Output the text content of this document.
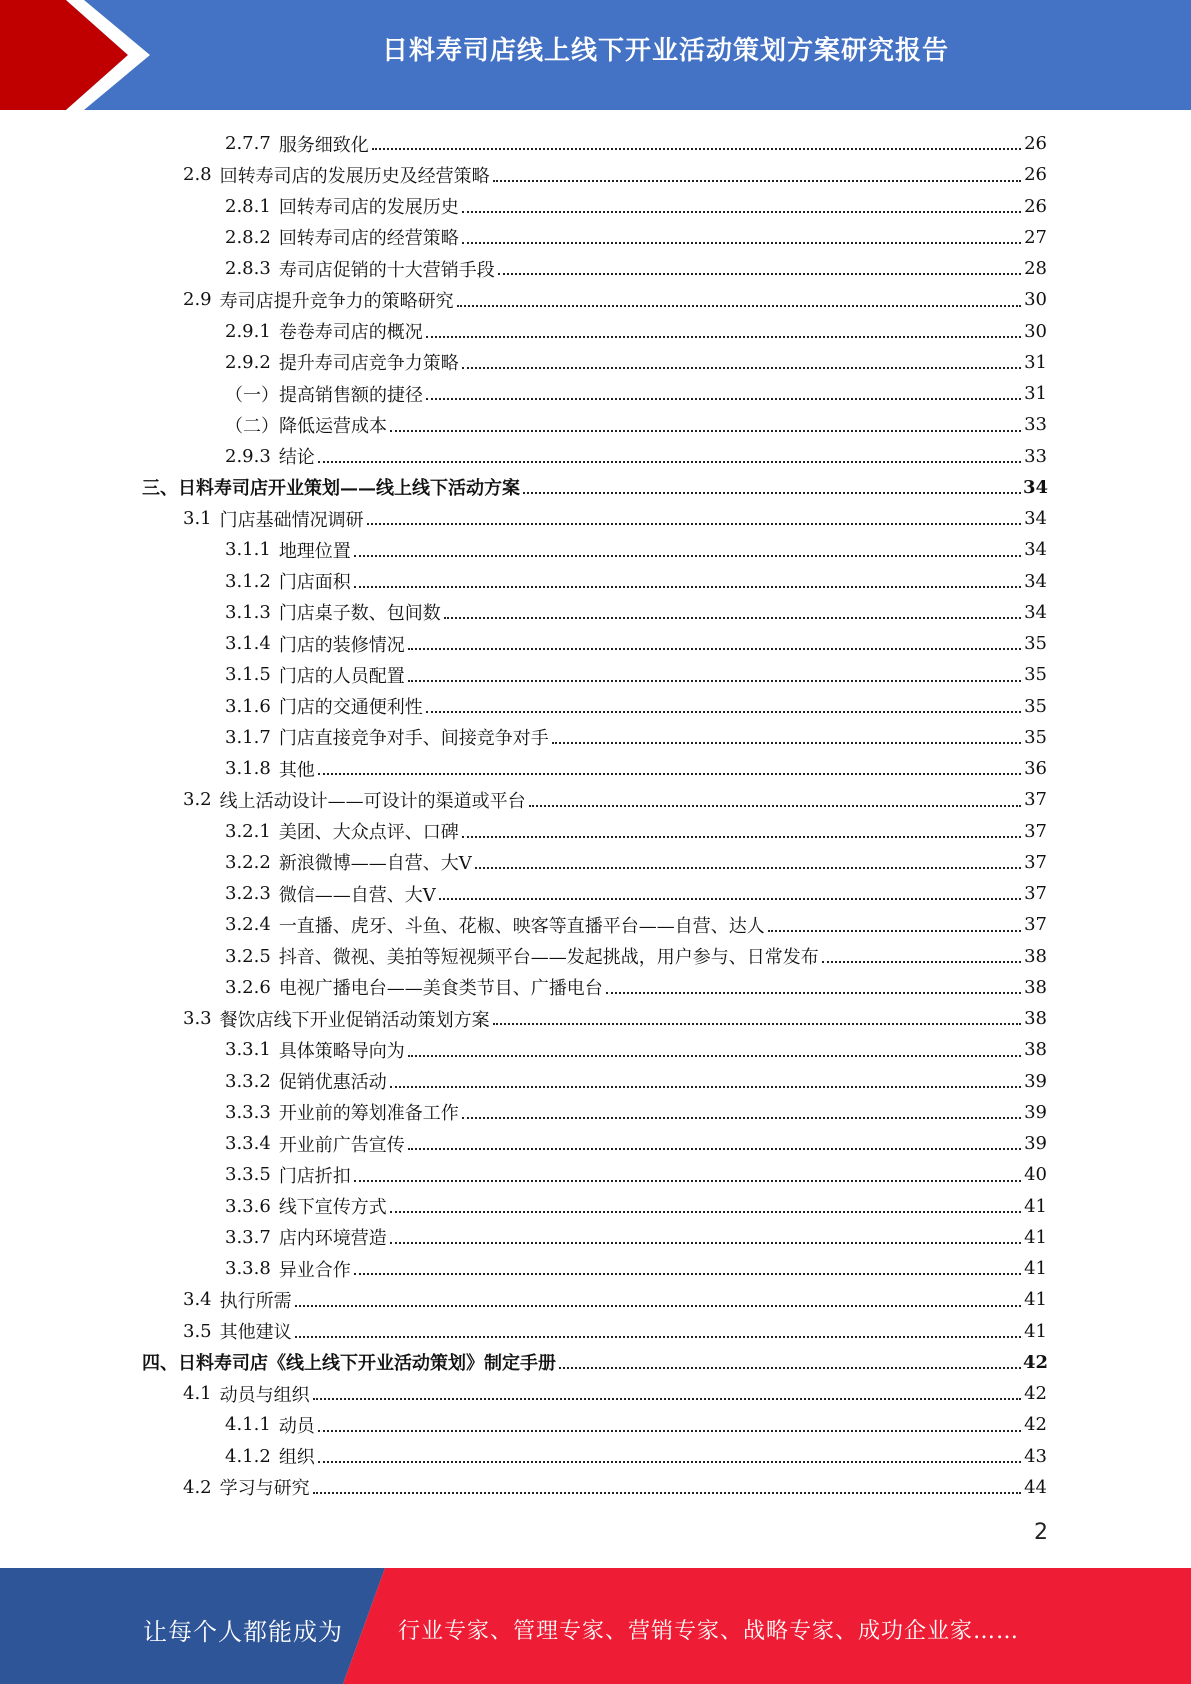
日料寿司店线上线下开业活动策划方案研究报告
2.7.7 服务细致化	26
2.8 回转寿司店的发展历史及经营策略	26
2.8.1 回转寿司店的发展历史	26
2.8.2 回转寿司店的经营策略	27
2.8.3 寿司店促销的十大营销手段	28
2.9 寿司店提升竞争力的策略研究	30
2.9.1 卷卷寿司店的概况	30
2.9.2 提升寿司店竞争力策略	31
（一）提高销售额的捷径	31
（二）降低运营成本	33
2.9.3 结论	33
三、日料寿司店开业策划——线上线下活动方案	34
3.1 门店基础情况调研	34
3.1.1 地理位置	34
3.1.2 门店面积	34
3.1.3 门店桌子数、包间数	34
3.1.4 门店的装修情况	35
3.1.5 门店的人员配置	35
3.1.6 门店的交通便利性	35
3.1.7 门店直接竞争对手、间接竞争对手	35
3.1.8 其他	36
3.2 线上活动设计——可设计的渠道或平台	37
3.2.1 美团、大众点评、口碑	37
3.2.2 新浪微博——自营、大V	37
3.2.3 微信——自营、大V	37
3.2.4 一直播、虎牙、斗鱼、花椒、映客等直播平台——自营、达人	37
3.2.5 抖音、微视、美拍等短视频平台——发起挑战，用户参与、日常发布	38
3.2.6 电视广播电台——美食类节目、广播电台	38
3.3 餐饮店线下开业促销活动策划方案	38
3.3.1 具体策略导向为	38
3.3.2 促销优惠活动	39
3.3.3 开业前的筹划准备工作	39
3.3.4 开业前广告宣传	39
3.3.5 门店折扣	40
3.3.6 线下宣传方式	41
3.3.7 店内环境营造	41
3.3.8 异业合作	41
3.4 执行所需	41
3.5 其他建议	41
四、日料寿司店《线上线下开业活动策划》制定手册	42
4.1 动员与组织	42
4.1.1 动员	42
4.1.2 组织	43
4.2 学习与研究	44
2
让每个人都能成为	行业专家、管理专家、营销专家、战略专家、成功企业家……
